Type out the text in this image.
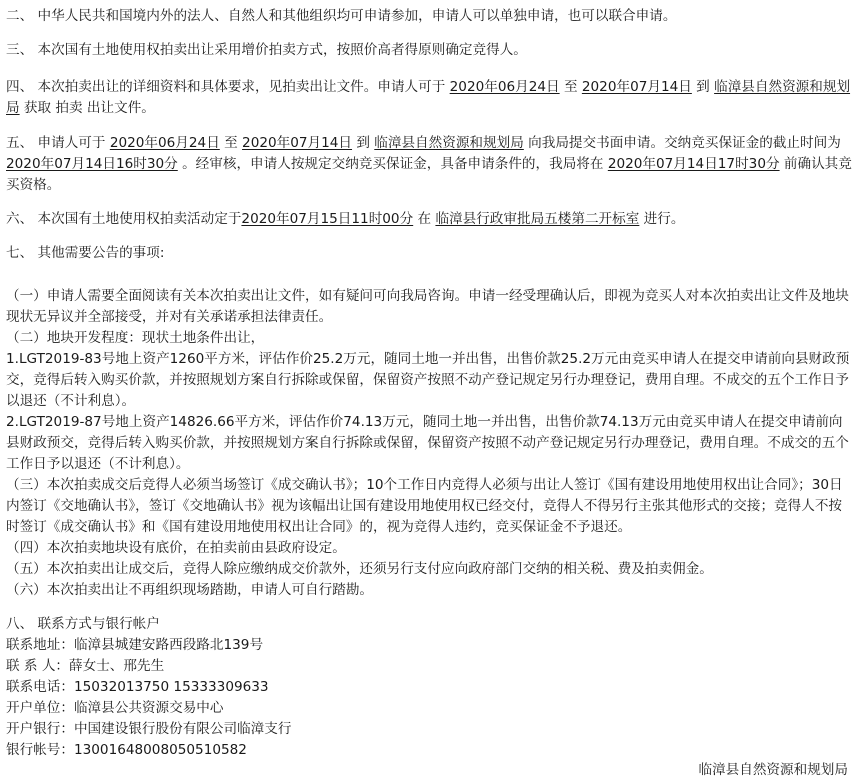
二、 中华人民共和国境内外的法人、自然人和其他组织均可申请参加，申请人可以单独申请，也可以联合申请。

三、 本次国有土地使用权拍卖出让采用增价拍卖方式，按照价高者得原则确定竞得人。

四、 本次拍卖出让的详细资料和具体要求，见拍卖出让文件。申请人可于 2020年06月24日 至 2020年07月14日 到 临漳县自然资源和规划局 获取 拍卖 出让文件。

五、 申请人可于 2020年06月24日 至 2020年07月14日 到 临漳县自然资源和规划局 向我局提交书面申请。交纳竞买保证金的截止时间为2020年07月14日16时30分 。经审核，申请人按规定交纳竞买保证金，具备申请条件的，我局将在 2020年07月14日17时30分 前确认其竞买资格。

六、 本次国有土地使用权拍卖活动定于2020年07月15日11时00分 在 临漳县行政审批局五楼第二开标室 进行。

七、 其他需要公告的事项:

（一）申请人需要全面阅读有关本次拍卖出让文件，如有疑问可向我局咨询。申请一经受理确认后，即视为竞买人对本次拍卖出让文件及地块现状无异议并全部接受，并对有关承诺承担法律责任。

（二）地块开发程度：现状土地条件出让，

1.LGT2019-83号地上资产1260平方米，评估作价25.2万元，随同土地一并出售，出售价款25.2万元由竞买申请人在提交申请前向县财政预交，竞得后转入购买价款，并按照规划方案自行拆除或保留，保留资产按照不动产登记规定另行办理登记，费用自理。不成交的五个工作日予以退还（不计利息）。

2.LGT2019-87号地上资产14826.66平方米，评估作价74.13万元，随同土地一并出售，出售价款74.13万元由竞买申请人在提交申请前向县财政预交，竞得后转入购买价款，并按照规划方案自行拆除或保留，保留资产按照不动产登记规定另行办理登记，费用自理。不成交的五个工作日予以退还（不计利息）。

（三）本次拍卖成交后竞得人必须当场签订《成交确认书》；10个工作日内竞得人必须与出让人签订《国有建设用地使用权出让合同》；30日内签订《交地确认书》，签订《交地确认书》视为该幅出让国有建设用地使用权已经交付，竞得人不得另行主张其他形式的交接；竞得人不按时签订《成交确认书》和《国有建设用地使用权出让合同》的，视为竞得人违约，竞买保证金不予退还。

（四）本次拍卖地块设有底价，在拍卖前由县政府设定。

（五）本次拍卖出让成交后，竞得人除应缴纳成交价款外，还须另行支付应向政府部门交纳的相关税、费及拍卖佣金。

（六）本次拍卖出让不再组织现场踏勘，申请人可自行踏勘。

八、 联系方式与银行帐户

联系地址：临漳县城建安路西段路北139号

联 系 人：薛女士、邢先生

联系电话：15032013750 15333309633

开户单位：临漳县公共资源交易中心

开户银行：中国建设银行股份有限公司临漳支行

银行帐号：13001648008050510582

临漳县自然资源和规划局
